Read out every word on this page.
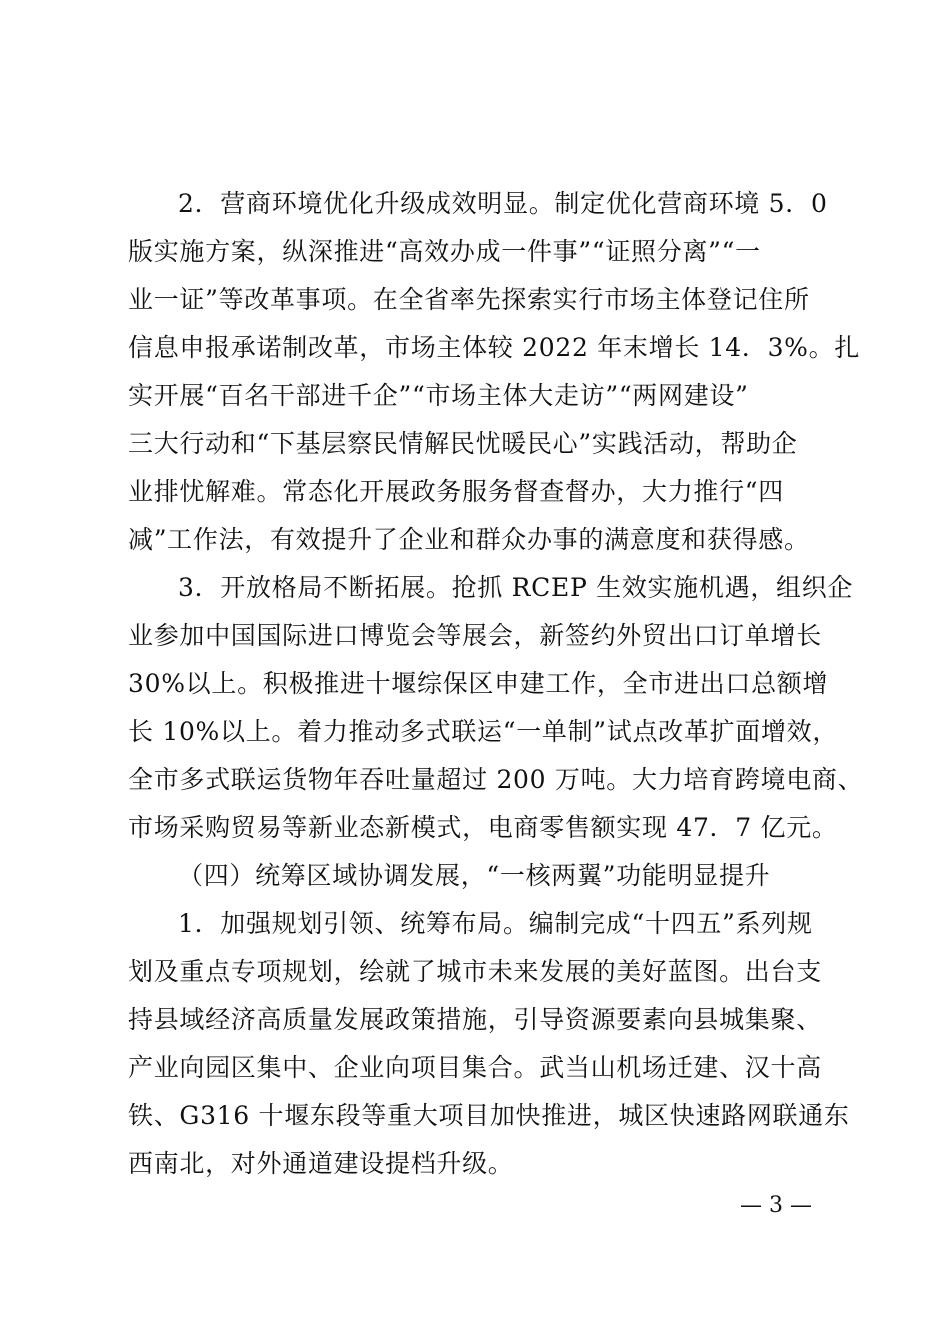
2．营商环境优化升级成效明显。制定优化营商环境 5．0
版实施方案，纵深推进“高效办成一件事”“证照分离”“一
业一证”等改革事项。在全省率先探索实行市场主体登记住所
信息申报承诺制改革，市场主体较 2022 年末增长 14．3%。扎
实开展“百名干部进千企”“市场主体大走访”“两网建设”
三大行动和“下基层察民情解民忧暖民心”实践活动，帮助企
业排忧解难。常态化开展政务服务督查督办，大力推行“四
减”工作法，有效提升了企业和群众办事的满意度和获得感。
3．开放格局不断拓展。抢抓 RCEP 生效实施机遇，组织企
业参加中国国际进口博览会等展会，新签约外贸出口订单增长
30%以上。积极推进十堰综保区申建工作，全市进出口总额增
长 10%以上。着力推动多式联运“一单制”试点改革扩面增效，
全市多式联运货物年吞吐量超过 200 万吨。大力培育跨境电商、
市场采购贸易等新业态新模式，电商零售额实现 47．7 亿元。
（四）统筹区域协调发展，“一核两翼”功能明显提升
1．加强规划引领、统筹布局。编制完成“十四五”系列规
划及重点专项规划，绘就了城市未来发展的美好蓝图。出台支
持县域经济高质量发展政策措施，引导资源要素向县城集聚、
产业向园区集中、企业向项目集合。武当山机场迁建、汉十高
铁、G316 十堰东段等重大项目加快推进，城区快速路网联通东
西南北，对外通道建设提档升级。
— 3 —
